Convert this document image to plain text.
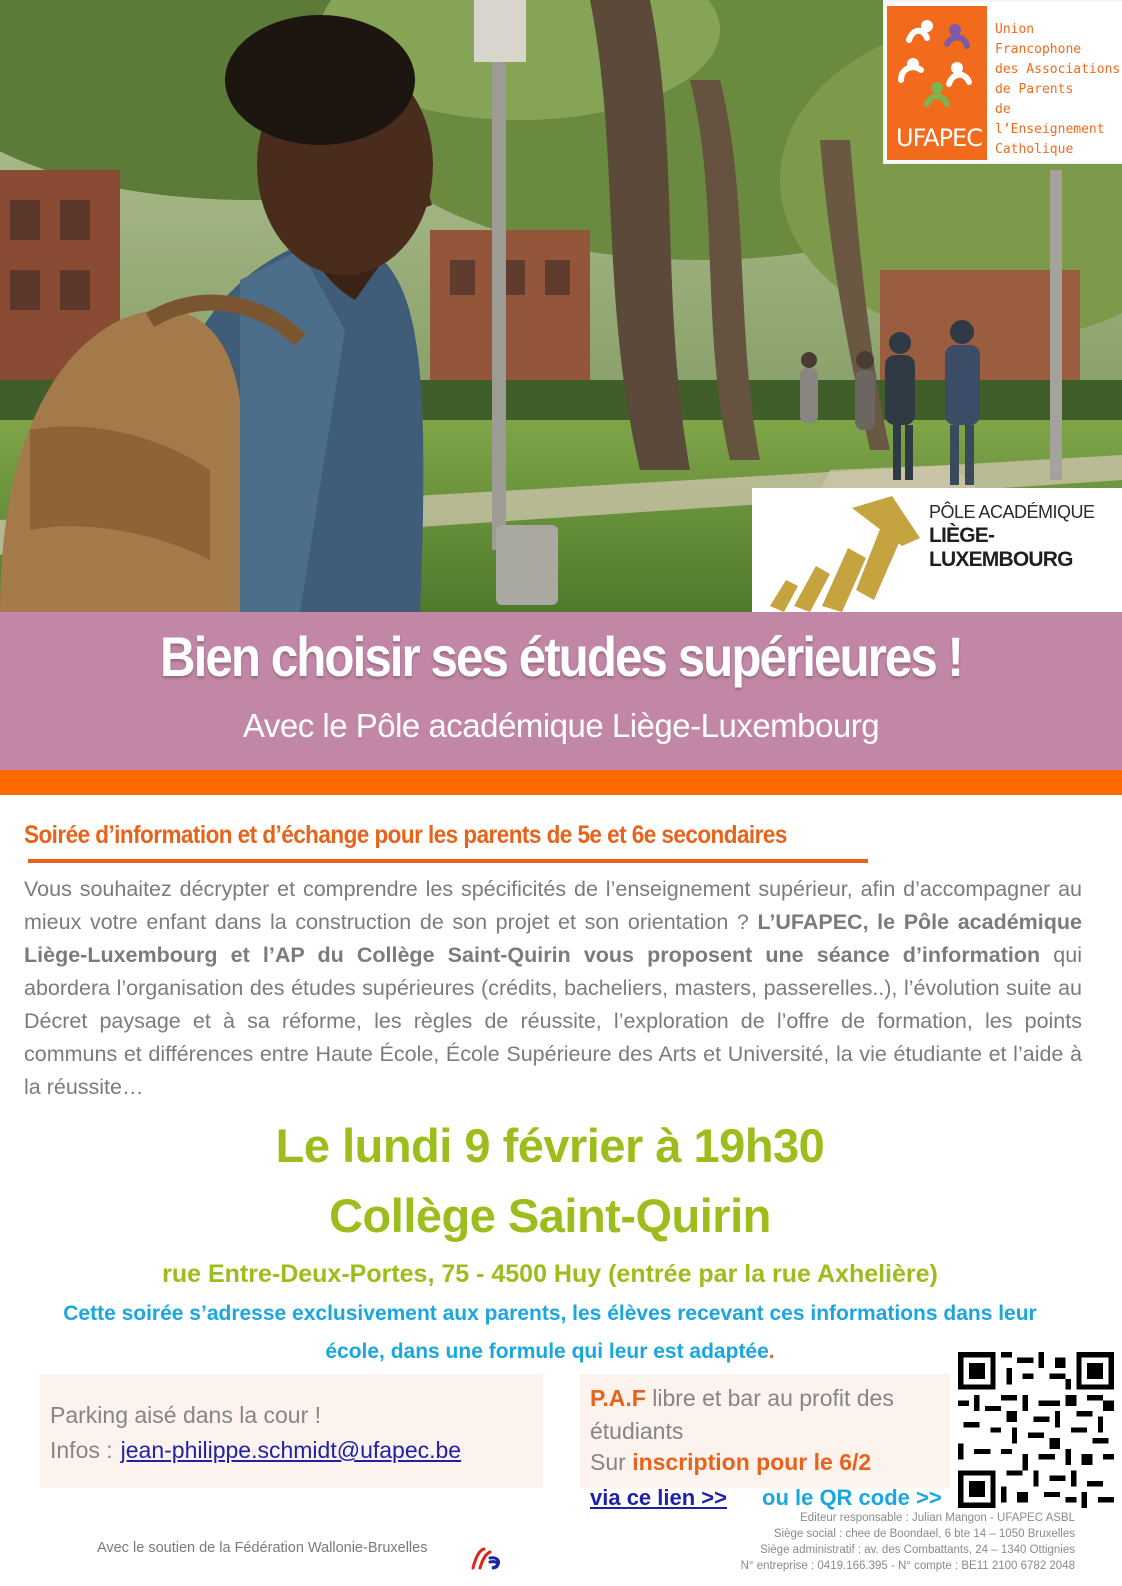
UFAPEC
Union
Francophone
des Associations
de Parents
de l’Enseignement
Catholique
PÔLE ACADÉMIQUE
LIÈGE-LUXEMBOURG
Bien choisir ses études supérieures !
Avec le Pôle académique Liège-Luxembourg
Soirée d’information et d’échange pour les parents de 5e et 6e secondaires
Vous souhaitez décrypter et comprendre les spécificités de l’enseignement supérieur, afin d’accompagner au mieux votre enfant dans la construction de son projet et son orientation ? L’UFAPEC, le Pôle académique Liège-Luxembourg et l’AP du Collège Saint-Quirin vous proposent une séance d’information qui abordera l’organisation des études supérieures (crédits, bacheliers, masters, passerelles..), l’évolution suite au Décret paysage et à sa réforme, les règles de réussite, l’exploration de l’offre de formation, les points communs et différences entre Haute École, École Supérieure des Arts et Université, la vie étudiante et l’aide à la réussite…
Le lundi 9 février à 19h30
Collège Saint-Quirin
rue Entre-Deux-Portes, 75 - 4500 Huy (entrée par la rue Axhelière)
Cette soirée s’adresse exclusivement aux parents, les élèves recevant ces informations dans leur école, dans une formule qui leur est adaptée.
Parking aisé dans la cour !
Infos : jean-philippe.schmidt@ufapec.be
P.A.F libre et bar au profit des étudiants
Sur inscription pour le 6/2
via ce lien >> ou le QR code >>
Editeur responsable : Julian Mangon - UFAPEC ASBL
Siège social : chee de Boondael, 6 bte 14 – 1050 Bruxelles
Siège administratif : av. des Combattants, 24 – 1340 Ottignies
N° entreprise : 0419.166.395 - N° compte : BE11 2100 6782 2048
Avec le soutien de la Fédération Wallonie-Bruxelles
